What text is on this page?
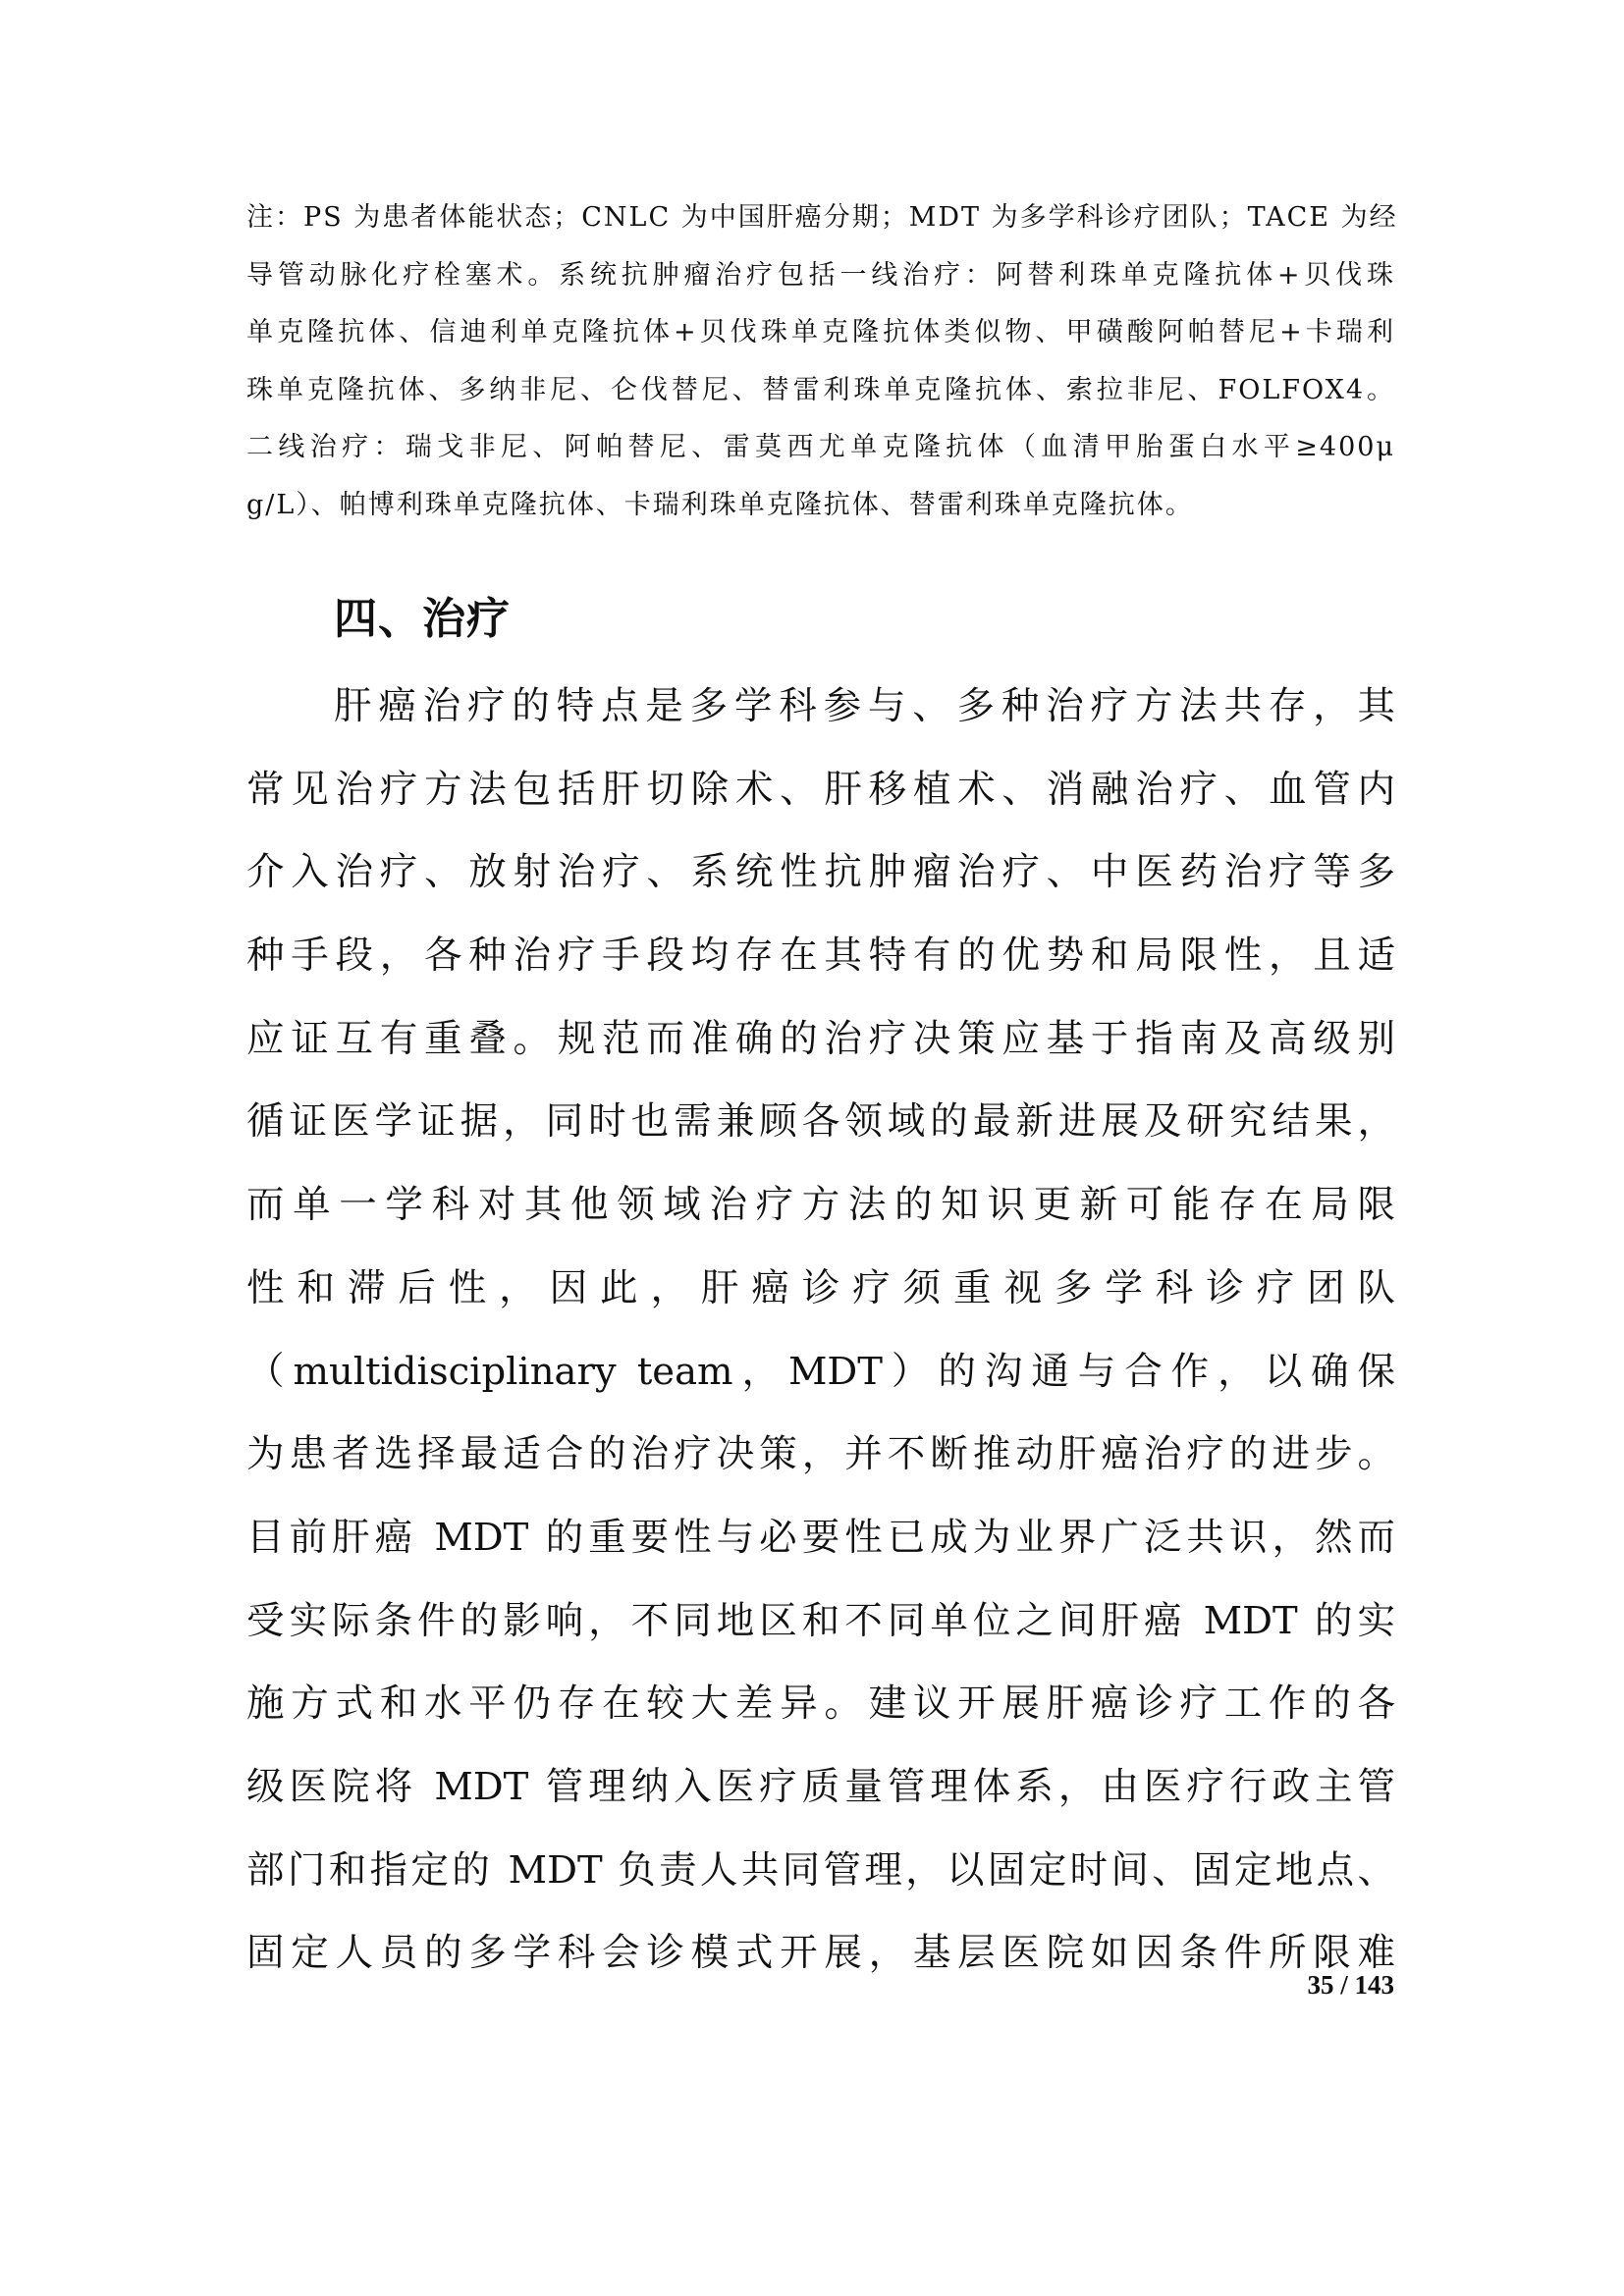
注：PS 为患者体能状态；CNLC 为中国肝癌分期；MDT 为多学科诊疗团队；TACE 为经
导管动脉化疗栓塞术。系统抗肿瘤治疗包括一线治疗：阿替利珠单克隆抗体+贝伐珠
单克隆抗体、信迪利单克隆抗体+贝伐珠单克隆抗体类似物、甲磺酸阿帕替尼+卡瑞利
珠单克隆抗体、多纳非尼、仑伐替尼、替雷利珠单克隆抗体、索拉非尼、FOLFOX4。
二线治疗：瑞戈非尼、阿帕替尼、雷莫西尤单克隆抗体（血清甲胎蛋白水平≥400μ
g/L）、帕博利珠单克隆抗体、卡瑞利珠单克隆抗体、替雷利珠单克隆抗体。
四、治疗
肝癌治疗的特点是多学科参与、多种治疗方法共存，其
常见治疗方法包括肝切除术、肝移植术、消融治疗、血管内
介入治疗、放射治疗、系统性抗肿瘤治疗、中医药治疗等多
种手段，各种治疗手段均存在其特有的优势和局限性，且适
应证互有重叠。规范而准确的治疗决策应基于指南及高级别
循证医学证据，同时也需兼顾各领域的最新进展及研究结果，
而单一学科对其他领域治疗方法的知识更新可能存在局限
性和滞后性，因此，肝癌诊疗须重视多学科诊疗团队
（multidisciplinary team，MDT）的沟通与合作，以确保
为患者选择最适合的治疗决策，并不断推动肝癌治疗的进步。
目前肝癌 MDT 的重要性与必要性已成为业界广泛共识，然而
受实际条件的影响，不同地区和不同单位之间肝癌 MDT 的实
施方式和水平仍存在较大差异。建议开展肝癌诊疗工作的各
级医院将 MDT 管理纳入医疗质量管理体系，由医疗行政主管
部门和指定的 MDT 负责人共同管理，以固定时间、固定地点、
固定人员的多学科会诊模式开展，基层医院如因条件所限难
35 / 143
